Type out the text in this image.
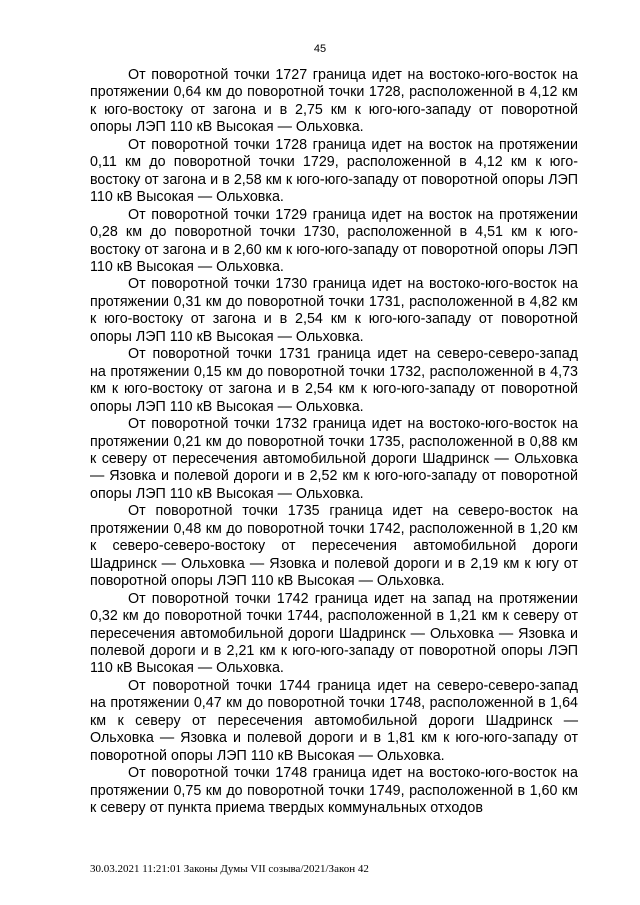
45

От поворотной точки 1727 граница идет на востоко-юго-восток на протяжении 0,64 км до поворотной точки 1728, расположенной в 4,12 км к юго-востоку от загона и в 2,75 км к юго-юго-западу от поворотной опоры ЛЭП 110 кВ Высокая — Ольховка.

От поворотной точки 1728 граница идет на восток на протяжении 0,11 км до поворотной точки 1729, расположенной в 4,12 км к юго-востоку от загона и в 2,58 км к юго-юго-западу от поворотной опоры ЛЭП 110 кВ Высокая — Ольховка.

От поворотной точки 1729 граница идет на восток на протяжении 0,28 км до поворотной точки 1730, расположенной в 4,51 км к юго-востоку от загона и в 2,60 км к юго-юго-западу от поворотной опоры ЛЭП 110 кВ Высокая — Ольховка.

От поворотной точки 1730 граница идет на востоко-юго-восток на протяжении 0,31 км до поворотной точки 1731, расположенной в 4,82 км к юго-востоку от загона и в 2,54 км к юго-юго-западу от поворотной опоры ЛЭП 110 кВ Высокая — Ольховка.

От поворотной точки 1731 граница идет на северо-северо-запад на протяжении 0,15 км до поворотной точки 1732, расположенной в 4,73 км к юго-востоку от загона и в 2,54 км к юго-юго-западу от поворотной опоры ЛЭП 110 кВ Высокая — Ольховка.

От поворотной точки 1732 граница идет на востоко-юго-восток на протяжении 0,21 км до поворотной точки 1735, расположенной в 0,88 км к северу от пересечения автомобильной дороги Шадринск — Ольховка — Язовка и полевой дороги и в 2,52 км к юго-юго-западу от поворотной опоры ЛЭП 110 кВ Высокая — Ольховка.

От поворотной точки 1735 граница идет на северо-восток на протяжении 0,48 км до поворотной точки 1742, расположенной в 1,20 км к северо-северо-востоку от пересечения автомобильной дороги Шадринск — Ольховка — Язовка и полевой дороги и в 2,19 км к югу от поворотной опоры ЛЭП 110 кВ Высокая — Ольховка.

От поворотной точки 1742 граница идет на запад на протяжении 0,32 км до поворотной точки 1744, расположенной в 1,21 км к северу от пересечения автомобильной дороги Шадринск — Ольховка — Язовка и полевой дороги и в 2,21 км к юго-юго-западу от поворотной опоры ЛЭП 110 кВ Высокая — Ольховка.

От поворотной точки 1744 граница идет на северо-северо-запад на протяжении 0,47 км до поворотной точки 1748, расположенной в 1,64 км к северу от пересечения автомобильной дороги Шадринск — Ольховка — Язовка и полевой дороги и в 1,81 км к юго-юго-западу от поворотной опоры ЛЭП 110 кВ Высокая — Ольховка.

От поворотной точки 1748 граница идет на востоко-юго-восток на протяжении 0,75 км до поворотной точки 1749, расположенной в 1,60 км к северу от пункта приема твердых коммунальных отходов

30.03.2021 11:21:01 Законы Думы VII созыва/2021/Закон 42
